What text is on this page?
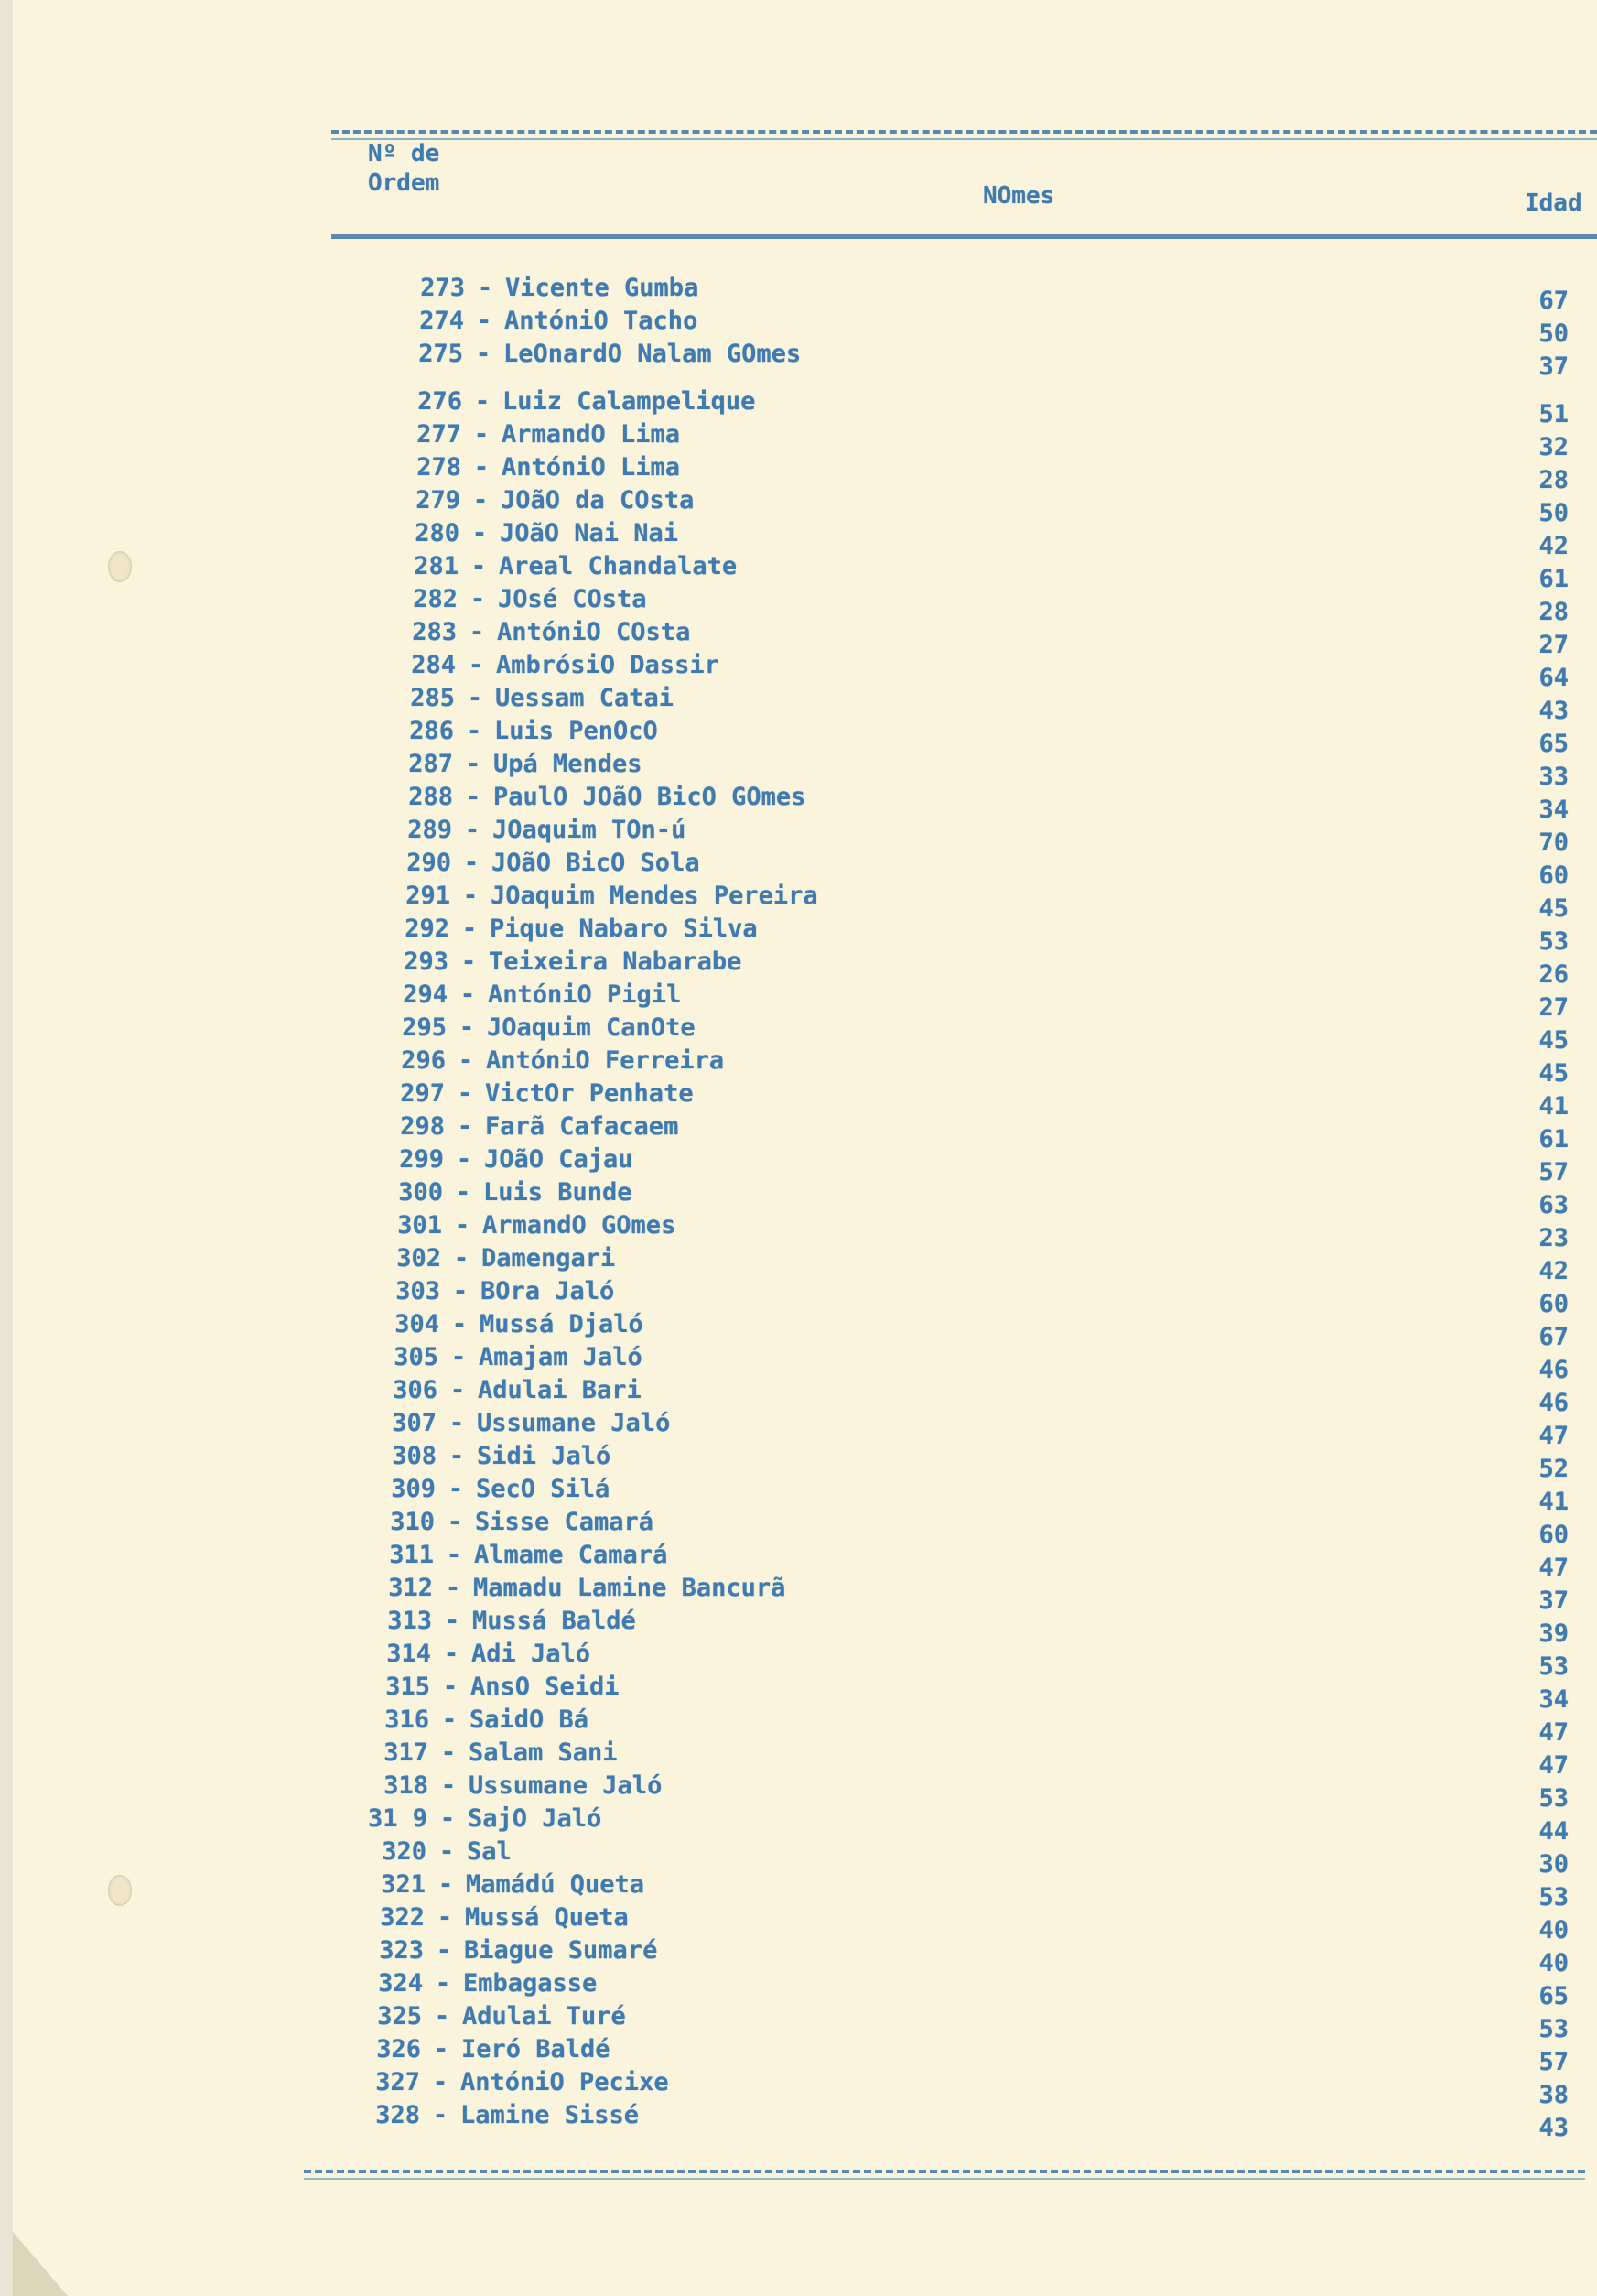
Nº de Ordem	NOmes	Idad
273 - Vicente Gumba	67
274 - AntóniO Tacho	50
275 - LeOnardO Nalam GOmes	37
276 - Luiz Calampelique	51
277 - ArmandO Lima	32
278 - AntóniO Lima	28
279 - JOãO da COsta	50
280 - JOãO Nai Nai	42
281 - Areal Chandalate	61
282 - JOsé COsta	28
283 - AntóniO COsta	27
284 - AmbrósiO Dassir	64
285 - Uessam Catai	43
286 - Luis PenOcO	65
287 - Upá Mendes	33
288 - PaulO JOãO BicO GOmes	34
289 - JOaquim TOn-ú	70
290 - JOãO BicO Sola	60
291 - JOaquim Mendes Pereira	45
292 - Pique Nabaro Silva	53
293 - Teixeira Nabarabe	26
294 - AntóniO Pigil	27
295 - JOaquim CanOte	45
296 - AntóniO Ferreira	45
297 - VictOr Penhate	41
298 - Farã Cafacaem	61
299 - JOãO Cajau	57
300 - Luis Bunde	63
301 - ArmandO GOmes	23
302 - Damengari	42
303 - BOra Jaló	60
304 - Mussá Djaló	67
305 - Amajam Jaló	46
306 - Adulai Bari	46
307 - Ussumane Jaló	47
308 - Sidi Jaló	52
309 - SecO Silá	41
310 - Sisse Camará	60
311 - Almame Camará	47
312 - Mamadu Lamine Bancurã	37
313 - Mussá Baldé	39
314 - Adi Jaló	53
315 - AnsO Seidi	34
316 - SaidO Bá	47
317 - Salam Sani	47
318 - Ussumane Jaló	53
31 9 - SajO Jaló	44
320 - Sal	30
321 - Mamádú Queta	53
322 - Mussá Queta	40
323 - Biague Sumaré	40
324 - Embagasse	65
325 - Adulai Turé	53
326 - Ieró Baldé	57
327 - AntóniO Pecixe	38
328 - Lamine Sissé	43
